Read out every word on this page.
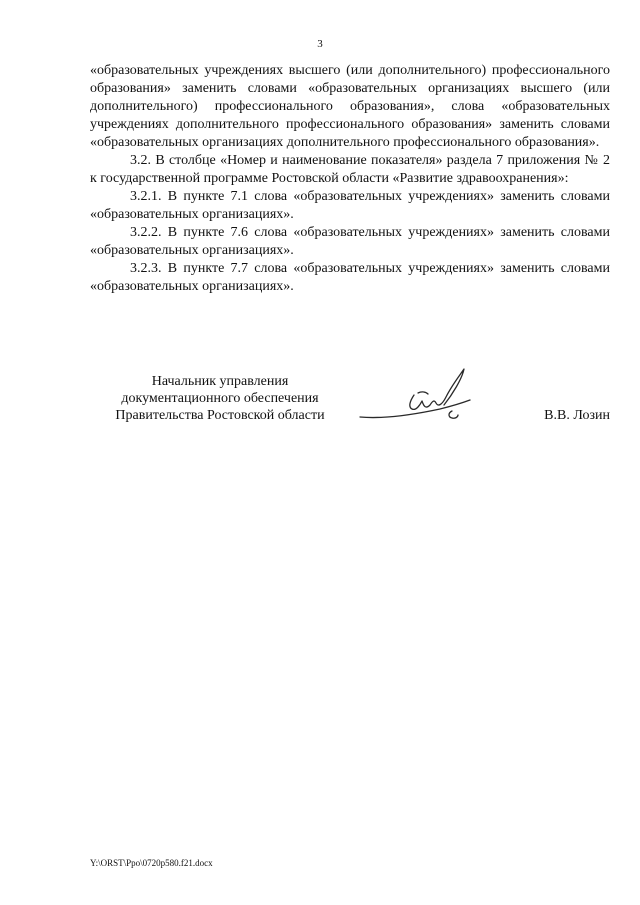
3

«образовательных учреждениях высшего (или дополнительного) профессионального образования» заменить словами «образовательных организациях высшего (или дополнительного) профессионального образования», слова «образовательных учреждениях дополнительного профессионального образования» заменить словами «образовательных организациях дополнительного профессионального образования».

3.2. В столбце «Номер и наименование показателя» раздела 7 приложения № 2 к государственной программе Ростовской области «Развитие здравоохранения»:

3.2.1. В пункте 7.1 слова «образовательных учреждениях» заменить словами «образовательных организациях».

3.2.2. В пункте 7.6 слова «образовательных учреждениях» заменить словами «образовательных организациях».

3.2.3. В пункте 7.7 слова «образовательных учреждениях» заменить словами «образовательных организациях».

Начальник управления
документационного обеспечения
Правительства Ростовской области	В.В. Лозин
Y:\ORST\Ppo\0720p580.f21.docx
